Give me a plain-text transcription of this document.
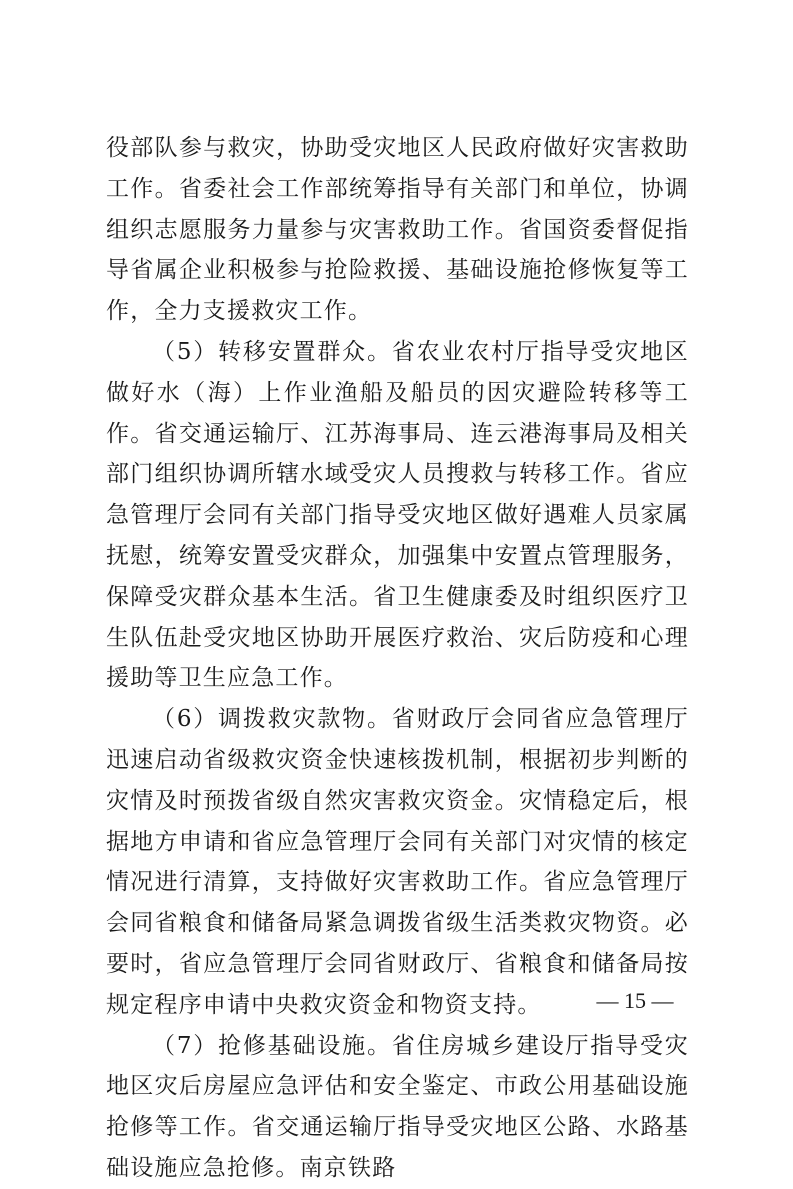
役部队参与救灾，协助受灾地区人民政府做好灾害救助工作。省委社会工作部统筹指导有关部门和单位，协调组织志愿服务力量参与灾害救助工作。省国资委督促指导省属企业积极参与抢险救援、基础设施抢修恢复等工作，全力支援救灾工作。

（5）转移安置群众。省农业农村厅指导受灾地区做好水（海）上作业渔船及船员的因灾避险转移等工作。省交通运输厅、江苏海事局、连云港海事局及相关部门组织协调所辖水域受灾人员搜救与转移工作。省应急管理厅会同有关部门指导受灾地区做好遇难人员家属抚慰，统筹安置受灾群众，加强集中安置点管理服务，保障受灾群众基本生活。省卫生健康委及时组织医疗卫生队伍赴受灾地区协助开展医疗救治、灾后防疫和心理援助等卫生应急工作。

（6）调拨救灾款物。省财政厅会同省应急管理厅迅速启动省级救灾资金快速核拨机制，根据初步判断的灾情及时预拨省级自然灾害救灾资金。灾情稳定后，根据地方申请和省应急管理厅会同有关部门对灾情的核定情况进行清算，支持做好灾害救助工作。省应急管理厅会同省粮食和储备局紧急调拨省级生活类救灾物资。必要时，省应急管理厅会同省财政厅、省粮食和储备局按规定程序申请中央救灾资金和物资支持。

（7）抢修基础设施。省住房城乡建设厅指导受灾地区灾后房屋应急评估和安全鉴定、市政公用基础设施抢修等工作。省交通运输厅指导受灾地区公路、水路基础设施应急抢修。南京铁路

— 15 —
